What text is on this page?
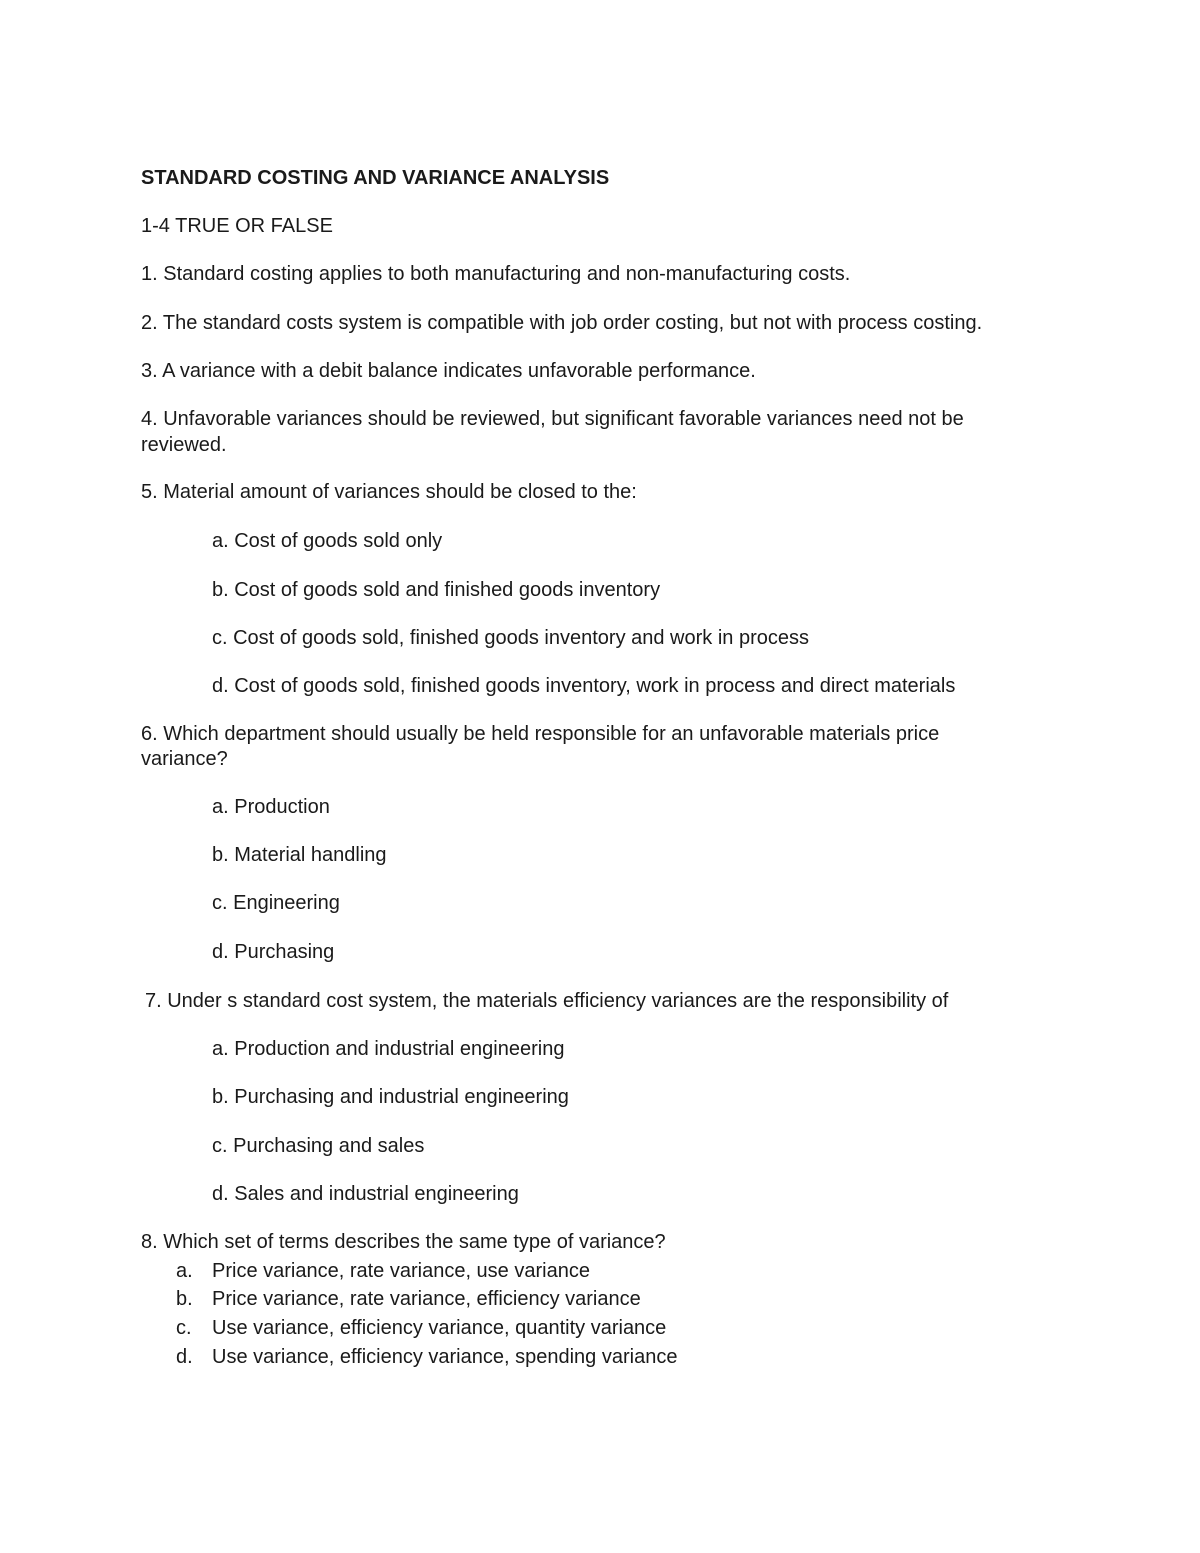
STANDARD COSTING AND VARIANCE ANALYSIS
1-4 TRUE OR FALSE
1. Standard costing applies to both manufacturing and non-manufacturing costs.
2. The standard costs system is compatible with job order costing, but not with process costing.
3. A variance with a debit balance indicates unfavorable performance.
4. Unfavorable variances should be reviewed, but significant favorable variances need not be
reviewed.
5. Material amount of variances should be closed to the:
a. Cost of goods sold only
b. Cost of goods sold and finished goods inventory
c. Cost of goods sold, finished goods inventory and work in process
d. Cost of goods sold, finished goods inventory, work in process and direct materials
6. Which department should usually be held responsible for an unfavorable materials price
variance?
a. Production
b. Material handling
c. Engineering
d. Purchasing
7. Under s standard cost system, the materials efficiency variances are the responsibility of
a. Production and industrial engineering
b. Purchasing and industrial engineering
c. Purchasing and sales
d. Sales and industrial engineering
8. Which set of terms describes the same type of variance?
a. Price variance, rate variance, use variance
b. Price variance, rate variance, efficiency variance
c. Use variance, efficiency variance, quantity variance
d. Use variance, efficiency variance, spending variance
